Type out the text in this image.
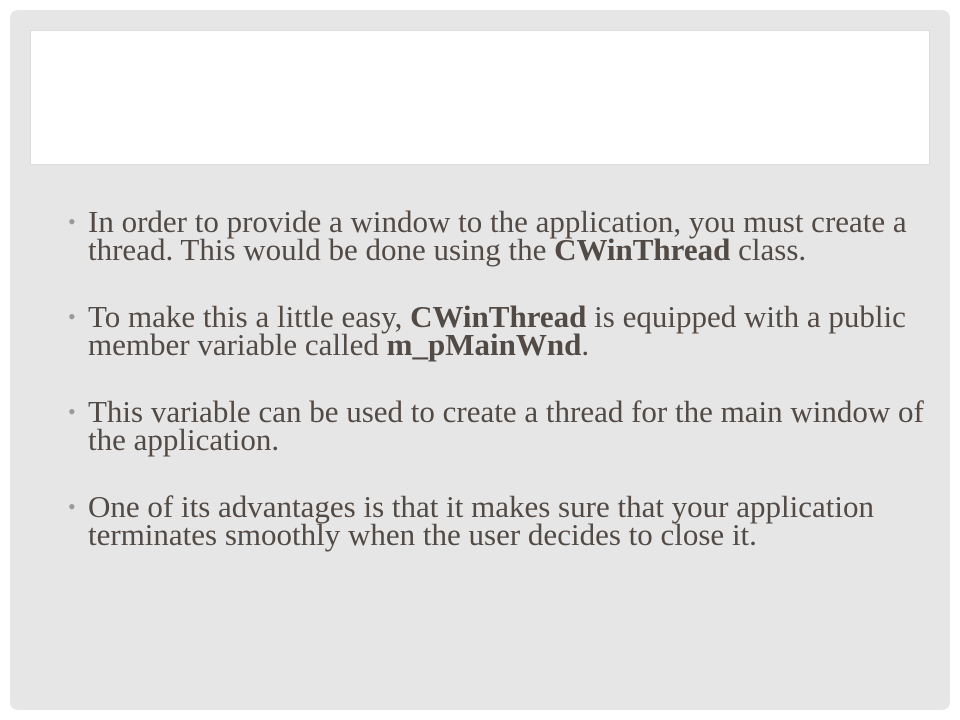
• In order to provide a window to the application, you must create a thread. This would be done using the CWinThread class.
• To make this a little easy, CWinThread is equipped with a public member variable called m_pMainWnd.
• This variable can be used to create a thread for the main window of the application.
• One of its advantages is that it makes sure that your application terminates smoothly when the user decides to close it.
